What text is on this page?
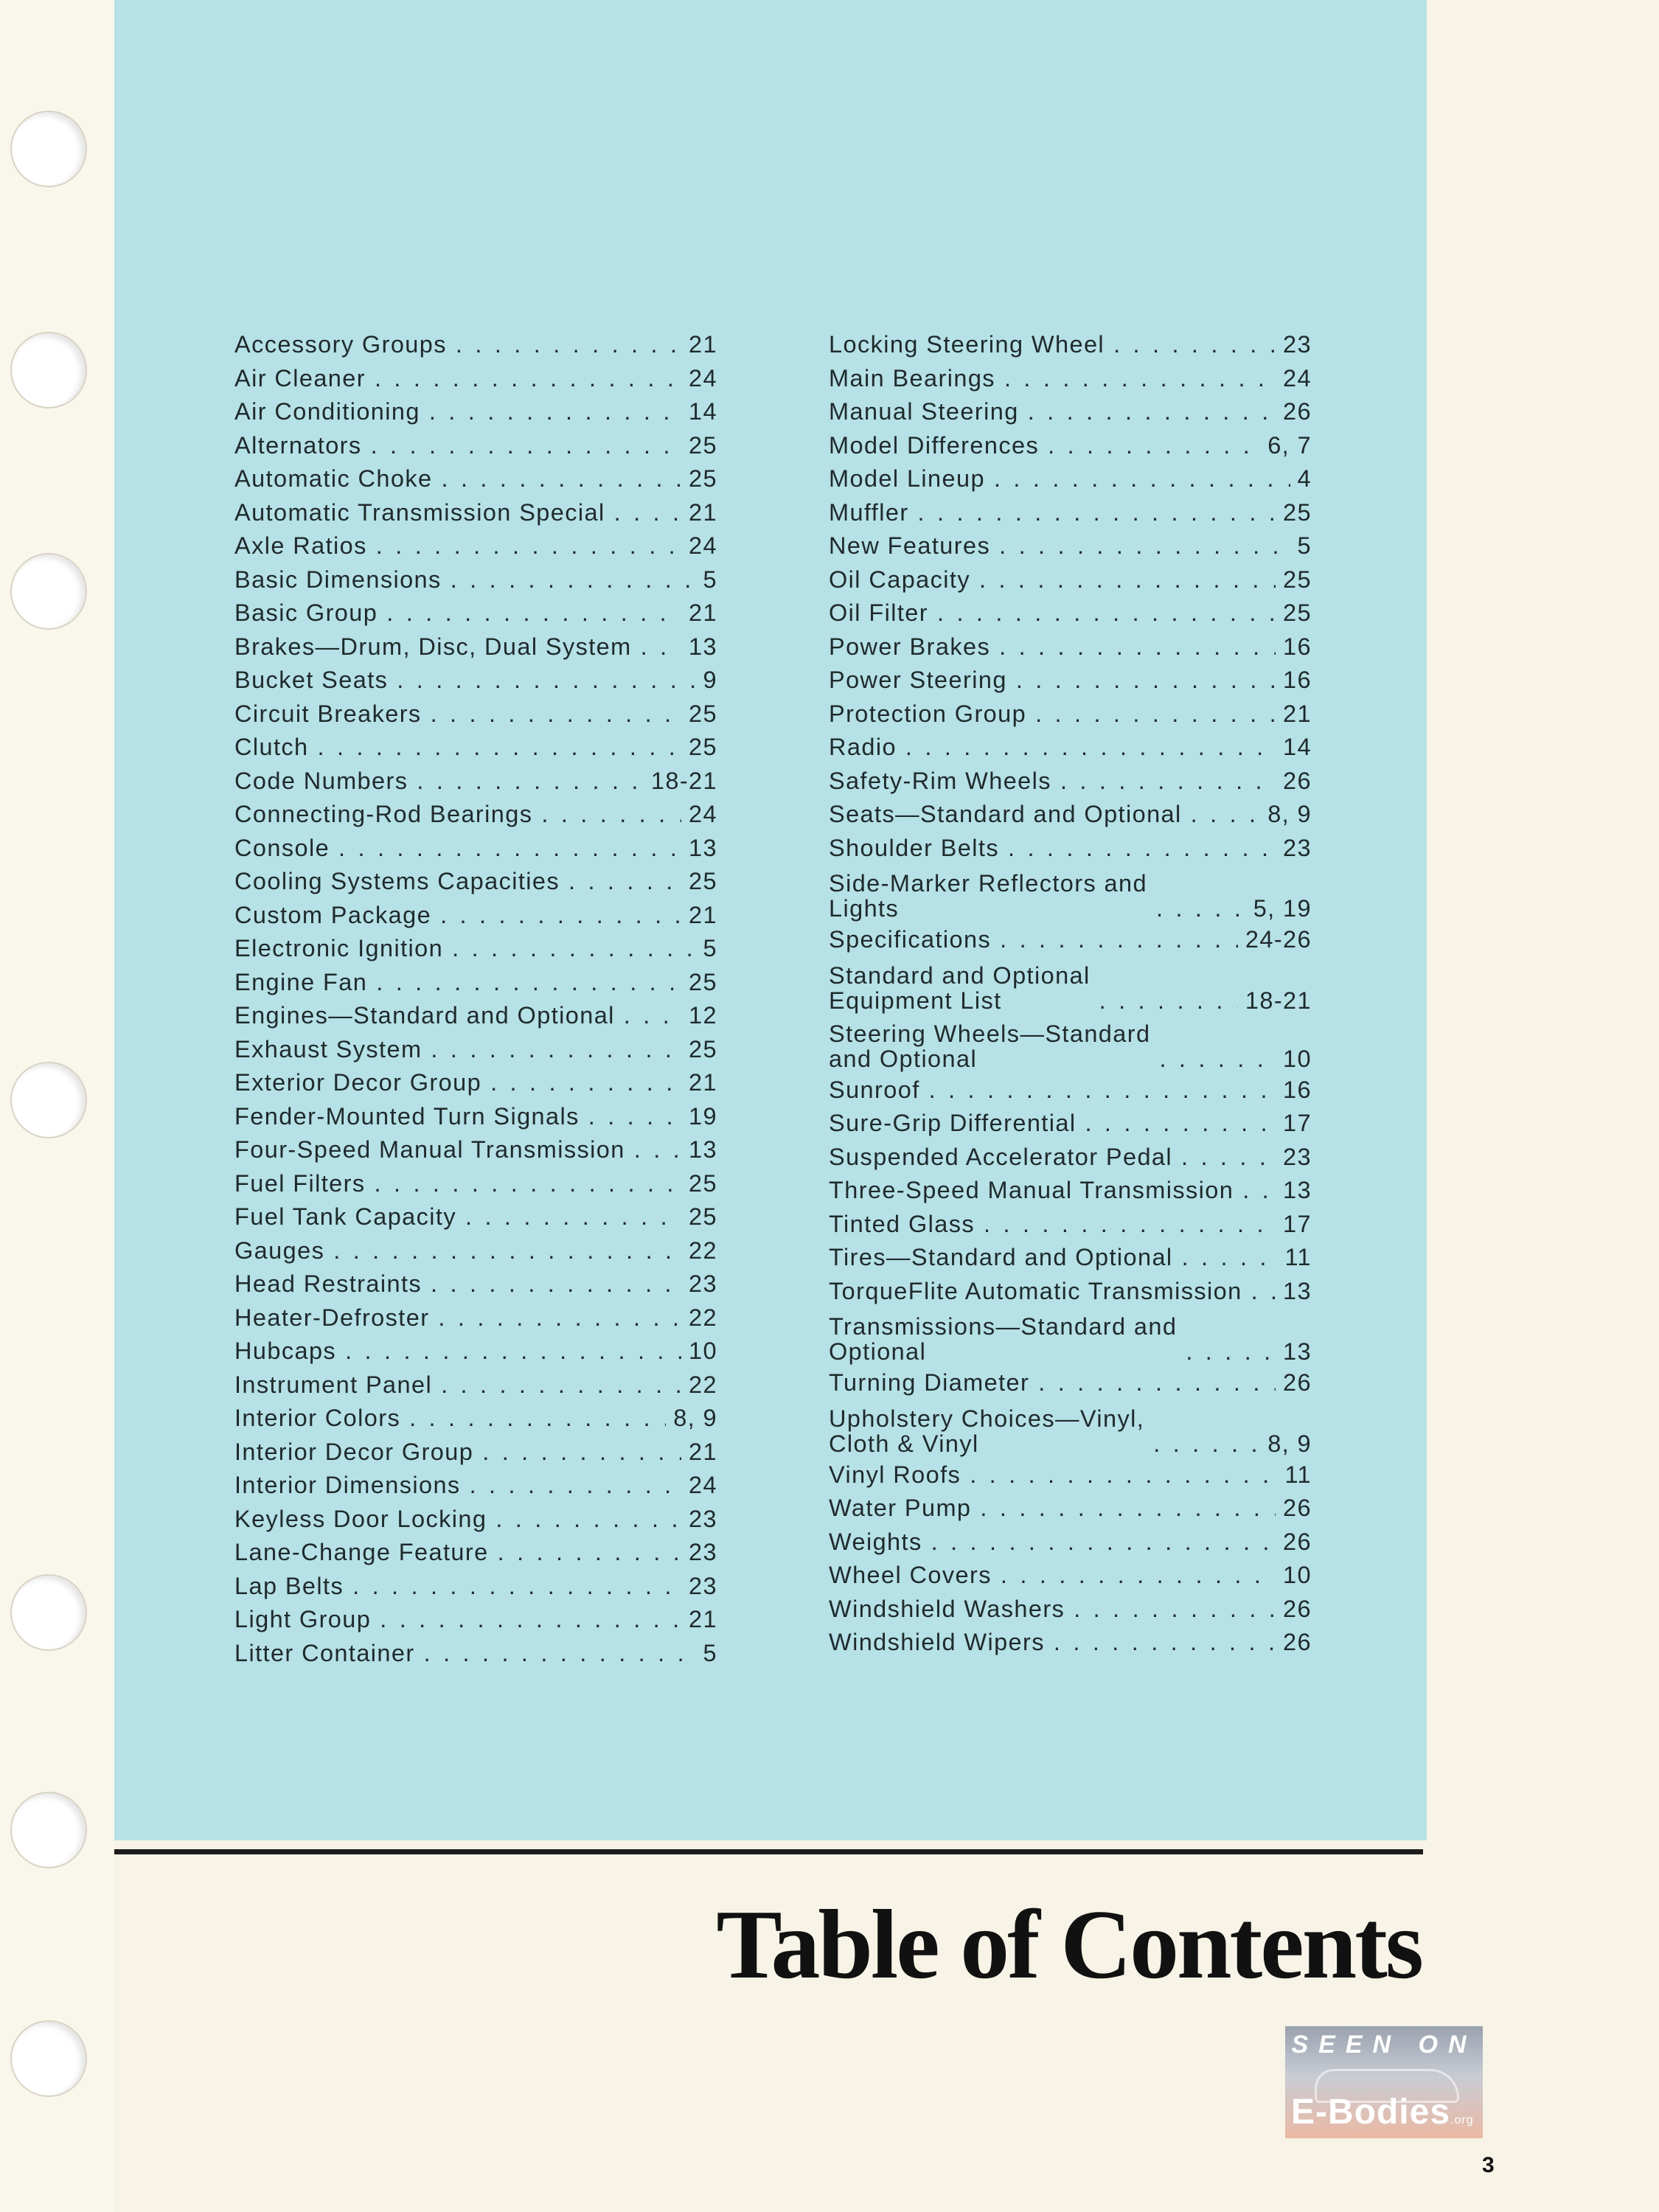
Accessory Groups . . .	21
Air Cleaner . . .	24
Air Conditioning . . .	14
Alternators . . .	25
Automatic Choke . . .	25
Automatic Transmission Special . . .	21
Axle Ratios . . .	24
Basic Dimensions . . .	5
Basic Group . . .	21
Brakes—Drum, Disc, Dual System . . . 13
Bucket Seats . . .	9
Circuit Breakers . . .	25
Clutch . . .	25
Code Numbers . . .	18-21
Connecting-Rod Bearings . . .	24
Console . . .	13
Cooling Systems Capacities . . .	25
Custom Package . . .	21
Electronic Ignition . . .	5
Engine Fan . . .	25
Engines—Standard and Optional . . .	12
Exhaust System . . .	25
Exterior Decor Group . . .	21
Fender-Mounted Turn Signals . . .	19
Four-Speed Manual Transmission . . .	13
Fuel Filters . . .	25
Fuel Tank Capacity . . .	25
Gauges . . .	22
Head Restraints . . .	23
Heater-Defroster . . .	22
Hubcaps . . .	10
Instrument Panel . . .	22
Interior Colors . . .	8, 9
Interior Decor Group . . .	21
Interior Dimensions . . .	24
Keyless Door Locking . . .	23
Lane-Change Feature . . .	23
Lap Belts . . .	23
Light Group . . .	21
Litter Container . . .	5
Locking Steering Wheel . . .	23
Main Bearings . . .	24
Manual Steering . . .	26
Model Differences . . .	6, 7
Model Lineup . . .	4
Muffler . . .	25
New Features . . .	5
Oil Capacity . . .	25
Oil Filter . . .	25
Power Brakes . . .	16
Power Steering . . .	16
Protection Group . . .	21
Radio . . .	14
Safety-Rim Wheels . . .	26
Seats—Standard and Optional . . .	8, 9
Shoulder Belts . . .	23
Side-Marker Reflectors and
Lights . . .	5, 19
Specifications . . .	24-26
Standard and Optional
Equipment List . . .	18-21
Steering Wheels—Standard
and Optional . . .	10
Sunroof . . .	16
Sure-Grip Differential . . .	17
Suspended Accelerator Pedal . . .	23
Three-Speed Manual Transmission . . . 13
Tinted Glass . . .	17
Tires—Standard and Optional . . .	11
TorqueFlite Automatic Transmission . . . 13
Transmissions—Standard and
Optional . . .	13
Turning Diameter . . .	26
Upholstery Choices—Vinyl,
Cloth & Vinyl . . .	8, 9
Vinyl Roofs . . .	11
Water Pump . . .	26
Weights . . .	26
Wheel Covers . . .	10
Windshield Washers . . .	26
Windshield Wipers . . .	26
Table of Contents
SEEN ON
E-Bodies.org
3
